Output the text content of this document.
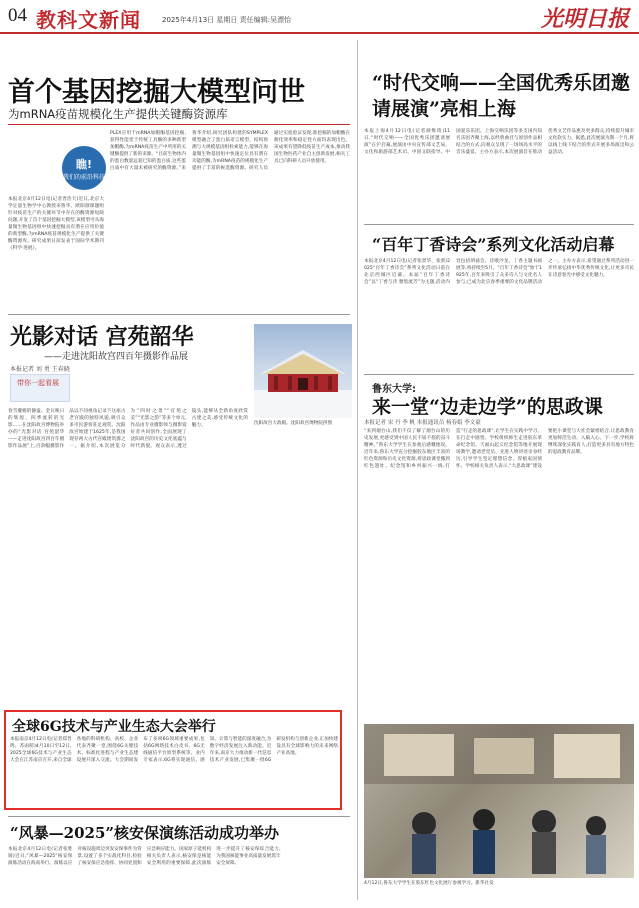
04 教科文新闻	2025年4月13日 星期日 责任编辑:吴漂怡	光明日报
首个基因挖掘大模型问世
为mRNA疫苗规模化生产提供关键酶资源库
瞧!
我们的前沿科技
本报北京4月12日电(记者晋浩天)近日,北京大学定量生物学中心教授来鲁华、欧阳颀课题组针对疫苗生产的关键环节中存在的酶资源短缺问题,开发了首个基因挖掘大模型,该模型可从海量微生物基因组中快速挖掘具有潜在应用价值的新型酶,为mRNA疫苗规模化生产提供了关键酶资源库。研究成果日前发表于国际学术期刊《科学·进展》。
PLEX应用于mRNA加帽酶基因挖掘,获得性能优于传统工具酶的多种新型加帽酶,为mRNA疫苗生产中所用的关键酶提供了新的来源。“目前生物体内的蛋白数量远超已知的蛋白质,这些蛋白质中有大量未被研究的酶资源。”来鲁华介绍,研究团队构建的SYMPLEX模型融合了蛋白质语言模型、结构预测与大规模基因组检索能力,能够在海量微生物基因组中快速定位具有潜在功能的酶,为mRNA疫苗的规模化生产提供了丰富的候选酶资源。研究人员通过实验验证发现,新挖掘的加帽酶在催化效率和稳定性方面均表现出色。该成果有望降低疫苗生产成本,推动我国生物医药产业自主创新发展,相关工具已向科研人员开放使用。
“时代交响——全国优秀乐团邀请展演”亮相上海
本报上海4月12日电(记者颜维琦)11日,“时代交响——全国优秀乐团邀请展演”在沪启幕,展演由中央宣传部文艺局、文化和旅游部艺术司、中国文联指导。中国爱乐乐团、上海交响乐团等多支国内知名乐团齐聚上海,以经典曲目与原创作品相结合的方式,向观众呈现了一场场高水平的音乐盛宴。主办方表示,本次展演旨在推动优秀文艺作品惠及更多群众,持续提升城市文化软实力。据悉,此次展演为期一个月,将以线上线下结合的形式开展多场演出和公益活动。
“百年丁香诗会”系列文化活动启幕
本报北京4月12日电(记者张景华、张蕾)2025“百年丁香诗会”系列文化活动日前在北京西城区启幕。本届“百年丁香诗会”以“丁香与诗 雅集流芳”为主题,活动内容包括朗诵会、诗歌沙龙、丁香主题书画展等,将持续至5月。“百年丁香诗会”始于1925年,百年来吸引了众多诗人与文化名人参与,已成为北京春季重要的文化品牌活动之一。主办方表示,希望通过系列活动进一步传承弘扬中华优秀传统文化,让更多市民在诗意春光中感受文化魅力。
光影对话 宫苑韶华
——走进沈阳故宫四百年摄影作品展
本报记者 刘 勇 王春晓
带你一起看展
春雪覆檐的静谧、金瓦映日的辉煌、四季流转的光影……在沈阳故宫博物院举办的“光影对话 宫苑韶华——走进沈阳故宫四百年摄影作品展”上,百余幅摄影作品以不同视角记录下这座古老宫殿的独特风貌,吸引众多市民游客驻足观赏。沈阳故宫始建于1625年,是我国现存两大古代宫殿建筑群之一。据介绍,本次展览分为“四时之景”“宫苑之美”“光影之韵”等多个单元,作品由专业摄影师与摄影爱好者共同创作,全面展现了沈阳故宫的历史文化底蕴与时代新貌。观众表示,透过镜头,能够从全新角度欣赏古建之美,感受传统文化的魅力。	沈阳故宫大政殿。沈阳故宫博物院供图
鲁东大学:
来一堂“边走边学”的思政课
本报记者 宋 丹 李 帆 本报通讯员 杨春娟 李文豪
“来到烟台山,我们不仅了解了烟台山的历史发展,更感受到中国人民不屈不挠的奋斗精神。”鲁东大学学生在参观后感慨地说。近年来,鲁东大学充分挖掘胶东地区丰富的红色资源和历史文化资源,将思政课堂搬到红色遗址、纪念馆和乡村振兴一线,打造“行走的思政课”,让学生在实践中学习、在行走中感悟。学校组织师生走进胶东革命纪念馆、天福山起义纪念馆等地开展现场教学,邀请老党员、先进人物讲述亲身经历,引导学生坚定理想信念、厚植家国情怀。学校相关负责人表示,“大思政课”建设要把小课堂与大社会紧密结合,让思政教育更加鲜活生动、入脑入心。下一步,学校将继续深化实践育人,打造更多具有地方特色的思政教育品牌。
4月12日,鲁东大学学生在胶东红色文化展厅参观学习。新华社发
全球6G技术与产业生态大会举行
本报南京4月12日电(记者郑晋鸣、苏雨萌)4月10日至12日,2025全球6G技术与产业生态大会在江苏南京召开,来自全球各地的科研机构、高校、企业代表齐聚一堂,围绕6G关键技术、标准化进程与产业生态建设展开深入交流。大会期间发布了多项6G领域重要成果,包括6G网络技术白皮书、6G无线通信平台原型系统等。业内专家表示,6G将实现通信、感知、计算与智能的深度融合,为数字经济发展注入新动能。近年来,南京大力推动新一代信息技术产业发展,已集聚一批6G研发机构与创新企业,正加快建设具有全球影响力的未来网络产业高地。
“风暴—2025”核安保演练活动成功举办
本报北京4月12日电(记者张胜坡)近日,“风暴—2025”核安保演练活动在海南举行。演练以应对核设施周边突发安保事件为背景,设置了多个实战化科目,检验了核安保应急指挥、协同处置和应急响应能力。国家原子能机构相关负责人表示,核安保是核能安全利用的重要保障,此次演练进一步提升了核安保综合能力,为我国核能事业高质量发展筑牢安全屏障。
